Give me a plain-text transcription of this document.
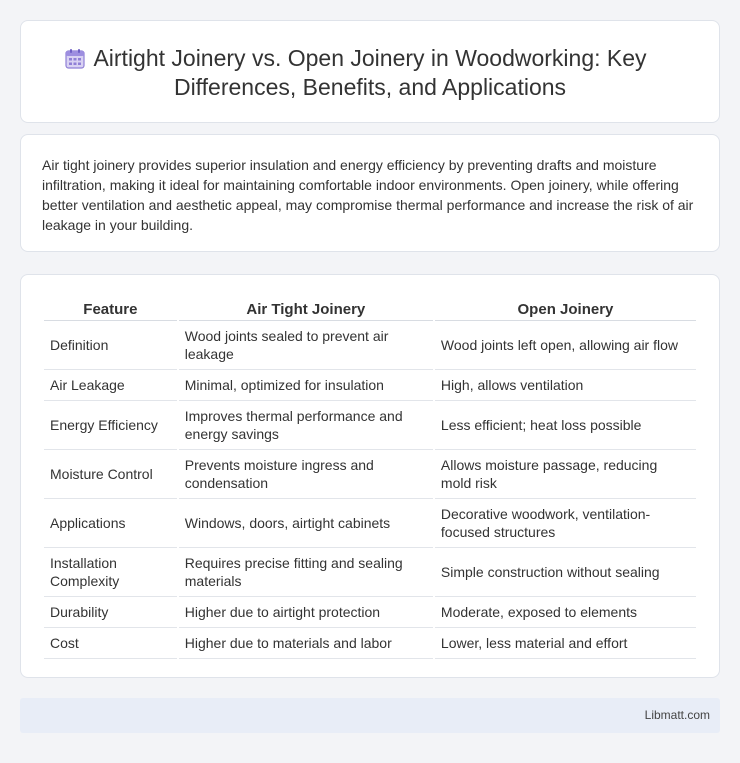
Airtight Joinery vs. Open Joinery in Woodworking: Key Differences, Benefits, and Applications

Air tight joinery provides superior insulation and energy efficiency by preventing drafts and moisture infiltration, making it ideal for maintaining comfortable indoor environments. Open joinery, while offering better ventilation and aesthetic appeal, may compromise thermal performance and increase the risk of air leakage in your building.

Feature	Air Tight Joinery	Open Joinery
Definition	Wood joints sealed to prevent air leakage	Wood joints left open, allowing air flow
Air Leakage	Minimal, optimized for insulation	High, allows ventilation
Energy Efficiency	Improves thermal performance and energy savings	Less efficient; heat loss possible
Moisture Control	Prevents moisture ingress and condensation	Allows moisture passage, reducing mold risk
Applications	Windows, doors, airtight cabinets	Decorative woodwork, ventilation-focused structures
Installation Complexity	Requires precise fitting and sealing materials	Simple construction without sealing
Durability	Higher due to airtight protection	Moderate, exposed to elements
Cost	Higher due to materials and labor	Lower, less material and effort
Libmatt.com
